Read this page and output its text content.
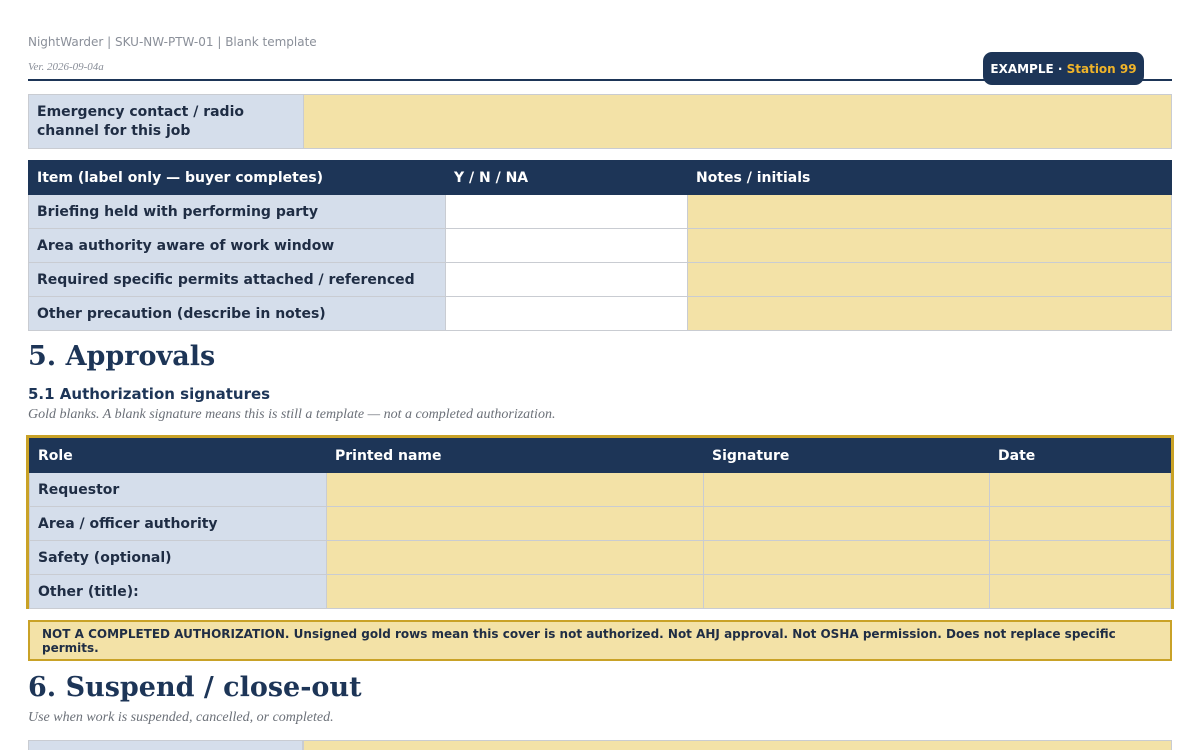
NightWarder | SKU-NW-PTW-01 | Blank template
Ver. 2026-09-04a	EXAMPLE · Station 99
Emergency contact / radio channel for this job	
Item (label only — buyer completes)	Y / N / NA	Notes / initials
Briefing held with performing party		
Area authority aware of work window		
Required specific permits attached / referenced		
Other precaution (describe in notes)		
5. Approvals
5.1 Authorization signatures
Gold blanks. A blank signature means this is still a template — not a completed authorization.
Role	Printed name	Signature	Date
Requestor			
Area / officer authority			
Safety (optional)			
Other (title):			
NOT A COMPLETED AUTHORIZATION. Unsigned gold rows mean this cover is not authorized. Not AHJ approval. Not OSHA permission. Does not replace specific permits.
6. Suspend / close-out
Use when work is suspended, cancelled, or completed.
